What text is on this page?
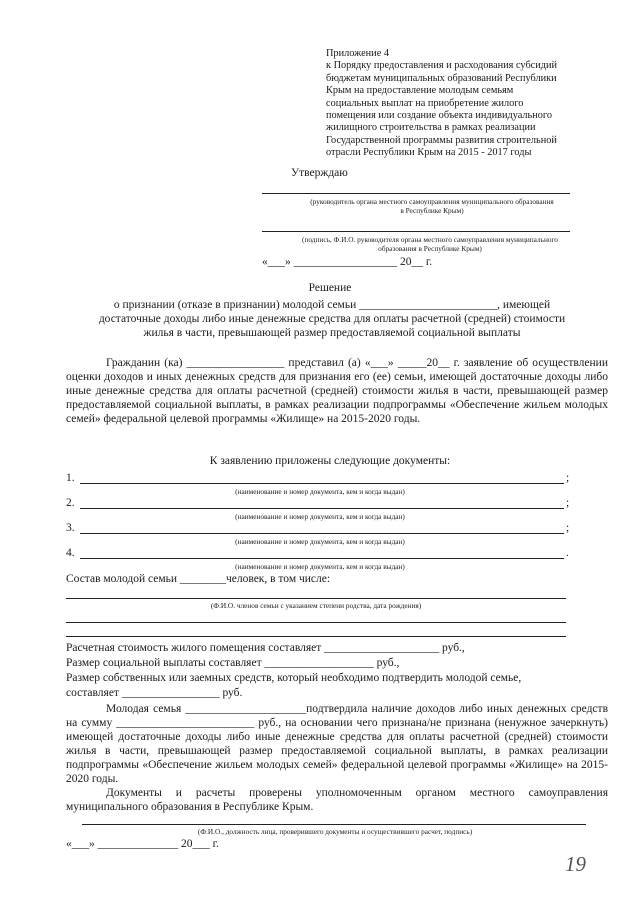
Приложение 4
к Порядку предоставления и расходования субсидий
бюджетам муниципальных образований Республики
Крым на предоставление молодым семьям
социальных выплат на приобретение жилого
помещения или создание объекта индивидуального
жилищного строительства в рамках реализации
Государственной программы развития строительной
отрасли Республики Крым на 2015 - 2017 годы
Утверждаю
(руководитель органа местного самоуправления муниципального образования
в Республике Крым)
(подпись, Ф.И.О. руководителя органа местного самоуправления муниципального
образования в Республике Крым)
«___» __________________ 20__ г.
Решение
о признании (отказе в признании) молодой семьи ________________________, имеющей
достаточные доходы либо иные денежные средства для оплаты расчетной (средней) стоимости
жилья в части, превышающей размер предоставляемой социальной выплаты

Гражданин (ка) _________________ представил (а) «___» _____20__ г. заявление об осуществлении оценки доходов и иных денежных средств для признания его (ее) семьи, имеющей достаточные доходы либо иные денежные средства для оплаты расчетной (средней) стоимости жилья в части, превышающей размер предоставляемой социальной выплаты, в рамках реализации подпрограммы «Обеспечение жильем молодых семей» федеральной целевой программы «Жилище» на 2015-2020 годы.

К заявлению приложены следующие документы:
1.	;
(наименование и номер документа, кем и когда выдан)
2.	;
(наименование и номер документа, кем и когда выдан)
3.	;
(наименование и номер документа, кем и когда выдан)
4.	.
(наименование и номер документа, кем и когда выдан)
Состав молодой семьи ________человек, в том числе:
(Ф.И.О. членов семьи с указанием степени родства, дата рождения)
Расчетная стоимость жилого помещения составляет ____________________ руб.,
Размер социальной выплаты составляет ___________________ руб.,
Размер собственных или заемных средств, который необходимо подтвердить молодой семье,
составляет _________________ руб.

Молодая семья _____________________подтвердила наличие доходов либо иных денежных средств на сумму ________________________ руб., на основании чего признана/не признана (ненужное зачеркнуть) имеющей достаточные доходы либо иные денежные средства для оплаты расчетной (средней) стоимости жилья в части, превышающей размер предоставляемой социальной выплаты, в рамках реализации подпрограммы «Обеспечение жильем молодых семей» федеральной целевой программы «Жилище» на 2015-2020 годы.

Документы и расчеты проверены уполномоченным органом местного самоуправления муниципального образования в Республике Крым.

(Ф.И.О., должность лица, проверившего документы и осуществившего расчет, подпись)
«___» ______________ 20___ г.
19
